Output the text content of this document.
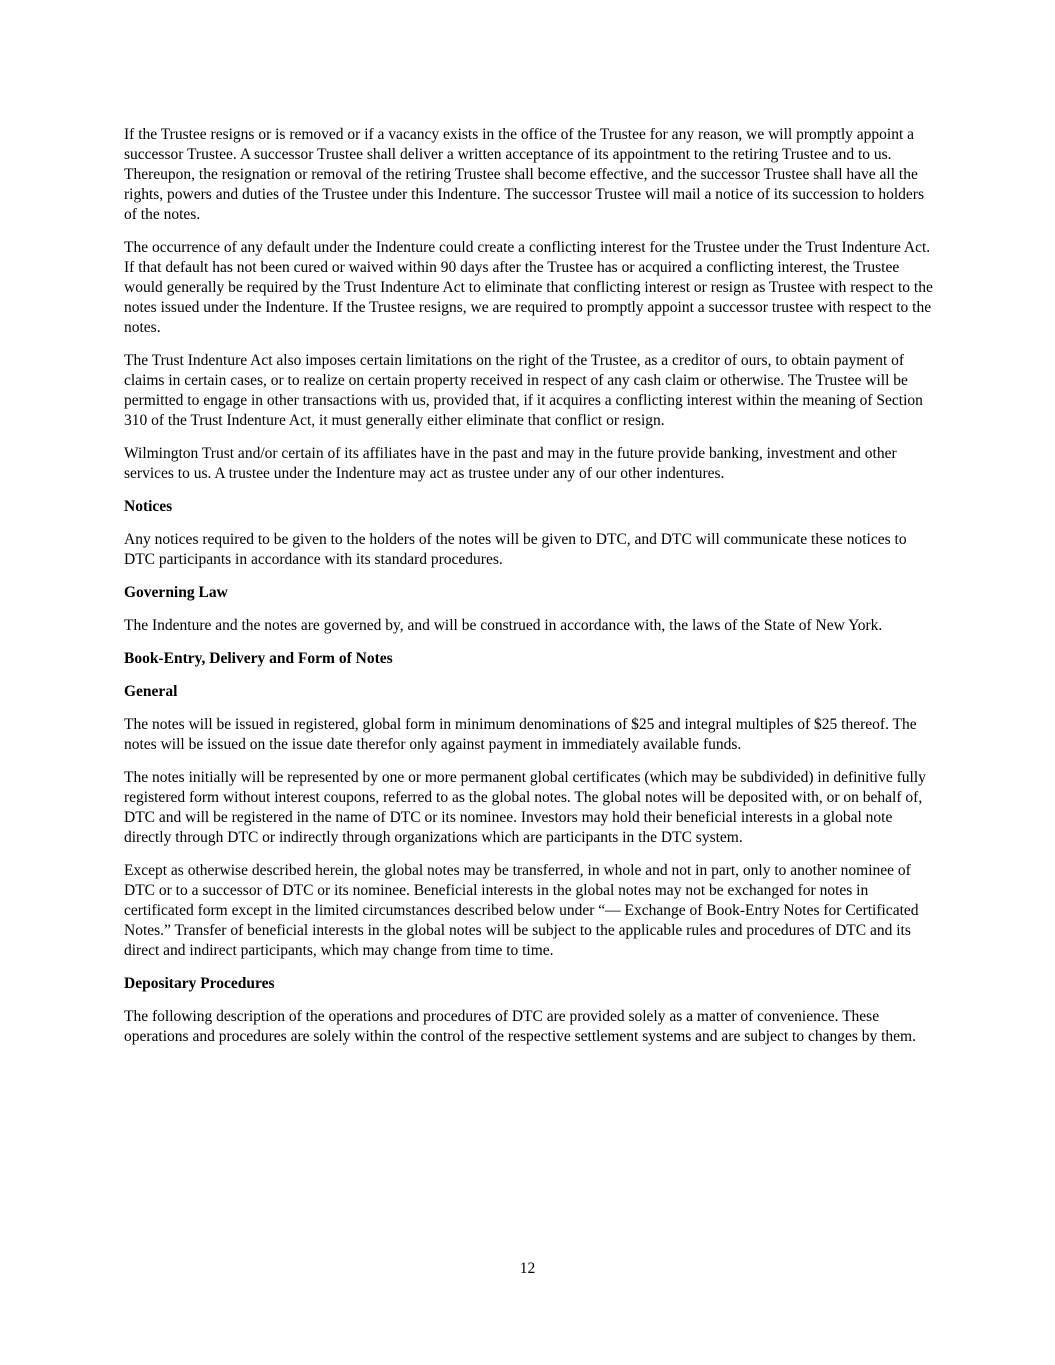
If the Trustee resigns or is removed or if a vacancy exists in the office of the Trustee for any reason, we will promptly appoint a successor Trustee. A successor Trustee shall deliver a written acceptance of its appointment to the retiring Trustee and to us. Thereupon, the resignation or removal of the retiring Trustee shall become effective, and the successor Trustee shall have all the rights, powers and duties of the Trustee under this Indenture. The successor Trustee will mail a notice of its succession to holders of the notes.

The occurrence of any default under the Indenture could create a conflicting interest for the Trustee under the Trust Indenture Act. If that default has not been cured or waived within 90 days after the Trustee has or acquired a conflicting interest, the Trustee would generally be required by the Trust Indenture Act to eliminate that conflicting interest or resign as Trustee with respect to the notes issued under the Indenture. If the Trustee resigns, we are required to promptly appoint a successor trustee with respect to the notes.

The Trust Indenture Act also imposes certain limitations on the right of the Trustee, as a creditor of ours, to obtain payment of claims in certain cases, or to realize on certain property received in respect of any cash claim or otherwise. The Trustee will be permitted to engage in other transactions with us, provided that, if it acquires a conflicting interest within the meaning of Section 310 of the Trust Indenture Act, it must generally either eliminate that conflict or resign.

Wilmington Trust and/or certain of its affiliates have in the past and may in the future provide banking, investment and other services to us. A trustee under the Indenture may act as trustee under any of our other indentures.

Notices

Any notices required to be given to the holders of the notes will be given to DTC, and DTC will communicate these notices to DTC participants in accordance with its standard procedures.

Governing Law

The Indenture and the notes are governed by, and will be construed in accordance with, the laws of the State of New York.

Book-Entry, Delivery and Form of Notes
General

The notes will be issued in registered, global form in minimum denominations of $25 and integral multiples of $25 thereof. The notes will be issued on the issue date therefor only against payment in immediately available funds.

The notes initially will be represented by one or more permanent global certificates (which may be subdivided) in definitive fully registered form without interest coupons, referred to as the global notes. The global notes will be deposited with, or on behalf of, DTC and will be registered in the name of DTC or its nominee. Investors may hold their beneficial interests in a global note directly through DTC or indirectly through organizations which are participants in the DTC system.

Except as otherwise described herein, the global notes may be transferred, in whole and not in part, only to another nominee of DTC or to a successor of DTC or its nominee. Beneficial interests in the global notes may not be exchanged for notes in certificated form except in the limited circumstances described below under “— Exchange of Book-Entry Notes for Certificated Notes.” Transfer of beneficial interests in the global notes will be subject to the applicable rules and procedures of DTC and its direct and indirect participants, which may change from time to time.

Depositary Procedures

The following description of the operations and procedures of DTC are provided solely as a matter of convenience. These operations and procedures are solely within the control of the respective settlement systems and are subject to changes by them.

12
